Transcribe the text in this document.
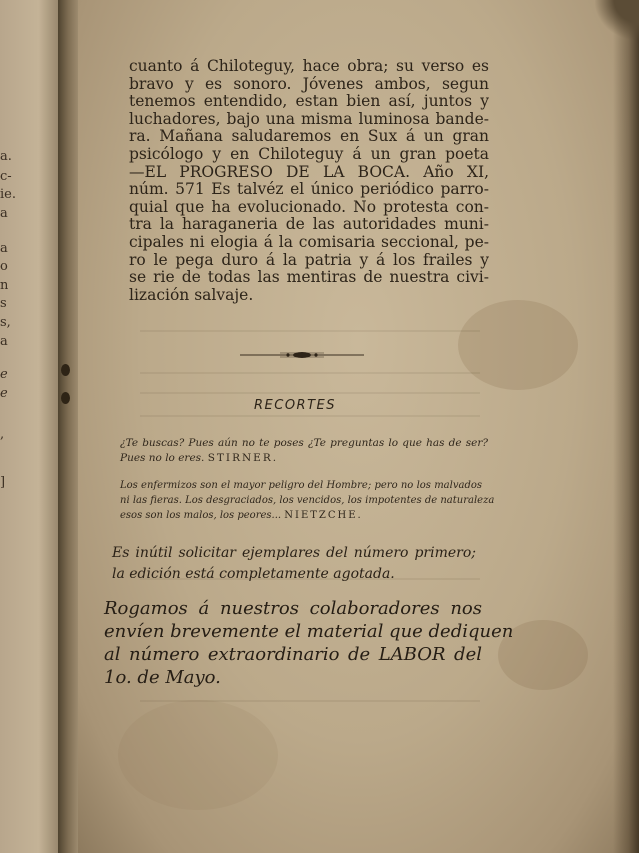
a.
c-
ie.
a
a
o
n
s
s,
a
e
e
,
]
cuanto á Chiloteguy, hace obra; su verso es
bravo y es sonoro. Jóvenes ambos, segun
tenemos entendido, estan bien así, juntos y
luchadores, bajo una misma luminosa bande-
ra. Mañana saludaremos en Sux á un gran
psicólogo y en Chiloteguy á un gran poeta
—EL PROGRESO DE LA BOCA. Año XI,
núm. 571 Es talvéz el único periódico parro-
quial que ha evolucionado. No protesta con-
tra la haraganeria de las autoridades muni-
cipales ni elogia á la comisaria seccional, pe-
ro le pega duro á la patria y á los frailes y
se rie de todas las mentiras de nuestra civi-
lización salvaje.
RECORTES
¿Te buscas? Pues aún no te poses ¿Te preguntas lo que has de ser?
Pues no lo eres. STIRNER.
Los enfermizos son el mayor peligro del Hombre; pero no los malvados
ni las fieras. Los desgraciados, los vencidos, los impotentes de naturaleza
esos son los malos, los peores... NIETZCHE.
Es inútil solicitar ejemplares del número primero;
la edición está completamente agotada.
Rogamos á nuestros colaboradores nos
envíen brevemente el material que dediquen
al número extraordinario de LABOR del
1o. de Mayo.
